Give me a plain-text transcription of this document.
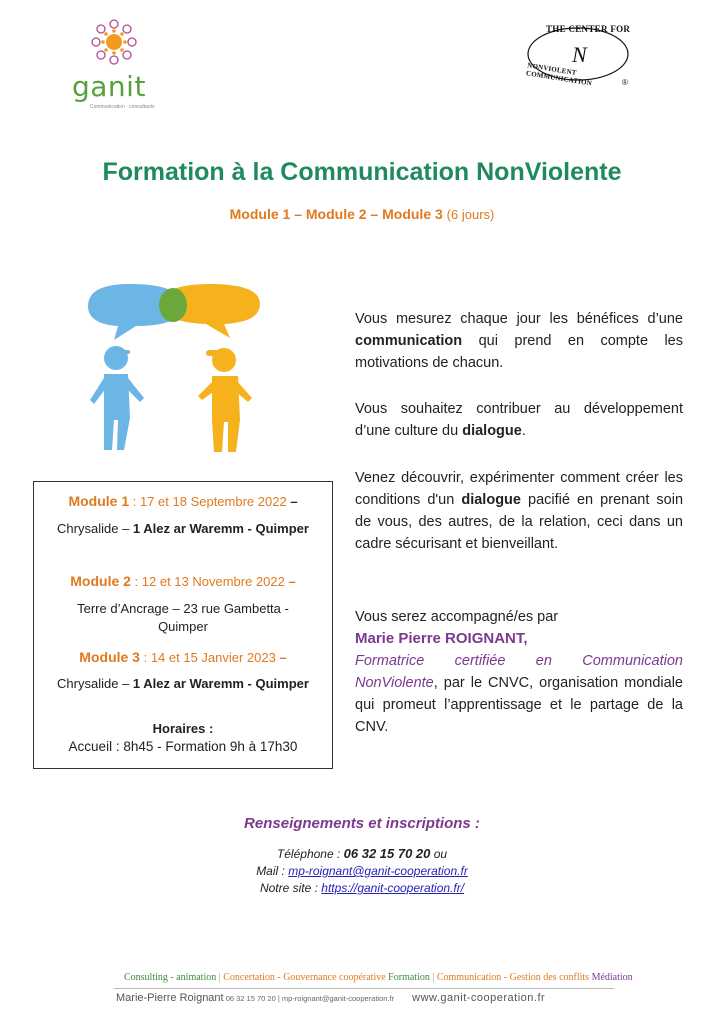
ganit
Communication · consultants
N
THE CENTER FOR
NONVIOLENT COMMUNICATION	®
Formation à la Communication NonViolente
Module 1 – Module 2 – Module 3 (6 jours)
Vous mesurez chaque jour les bénéfices d’une communication qui prend en compte les motivations de chacun.
Vous souhaitez contribuer au développement d’une culture du dialogue.
Venez découvrir, expérimenter comment créer les conditions d'un dialogue pacifié en prenant soin de vous, des autres, de la relation, ceci dans un cadre sécurisant et bienveillant.
Vous serez accompagné/es par
Marie Pierre ROIGNANT,
Formatrice certifiée en Communication NonViolente, par le CNVC, organisation mondiale qui promeut l’apprentissage et le partage de la CNV.
Module 1 : 17 et 18 Septembre 2022 –
Chrysalide – 1 Alez ar Waremm - Quimper
Module 2 : 12 et 13 Novembre 2022 –
Terre d’Ancrage – 23 rue Gambetta -
Quimper
Module 3 : 14 et 15 Janvier 2023 –
Chrysalide – 1 Alez ar Waremm - Quimper
Horaires :
Accueil : 8h45 - Formation 9h à 17h30
Renseignements et inscriptions :
Téléphone : 06 32 15 70 20 ou
Mail : mp-roignant@ganit-cooperation.fr
Notre site : https://ganit-cooperation.fr/
Consulting - animation | Concertation - Gouvernance coopérative Formation | Communication - Gestion des conflits Médiation
Marie-Pierre Roignant 06 32 15 70 20 | mp-roignant@ganit-cooperation.fr www.ganit-cooperation.fr
